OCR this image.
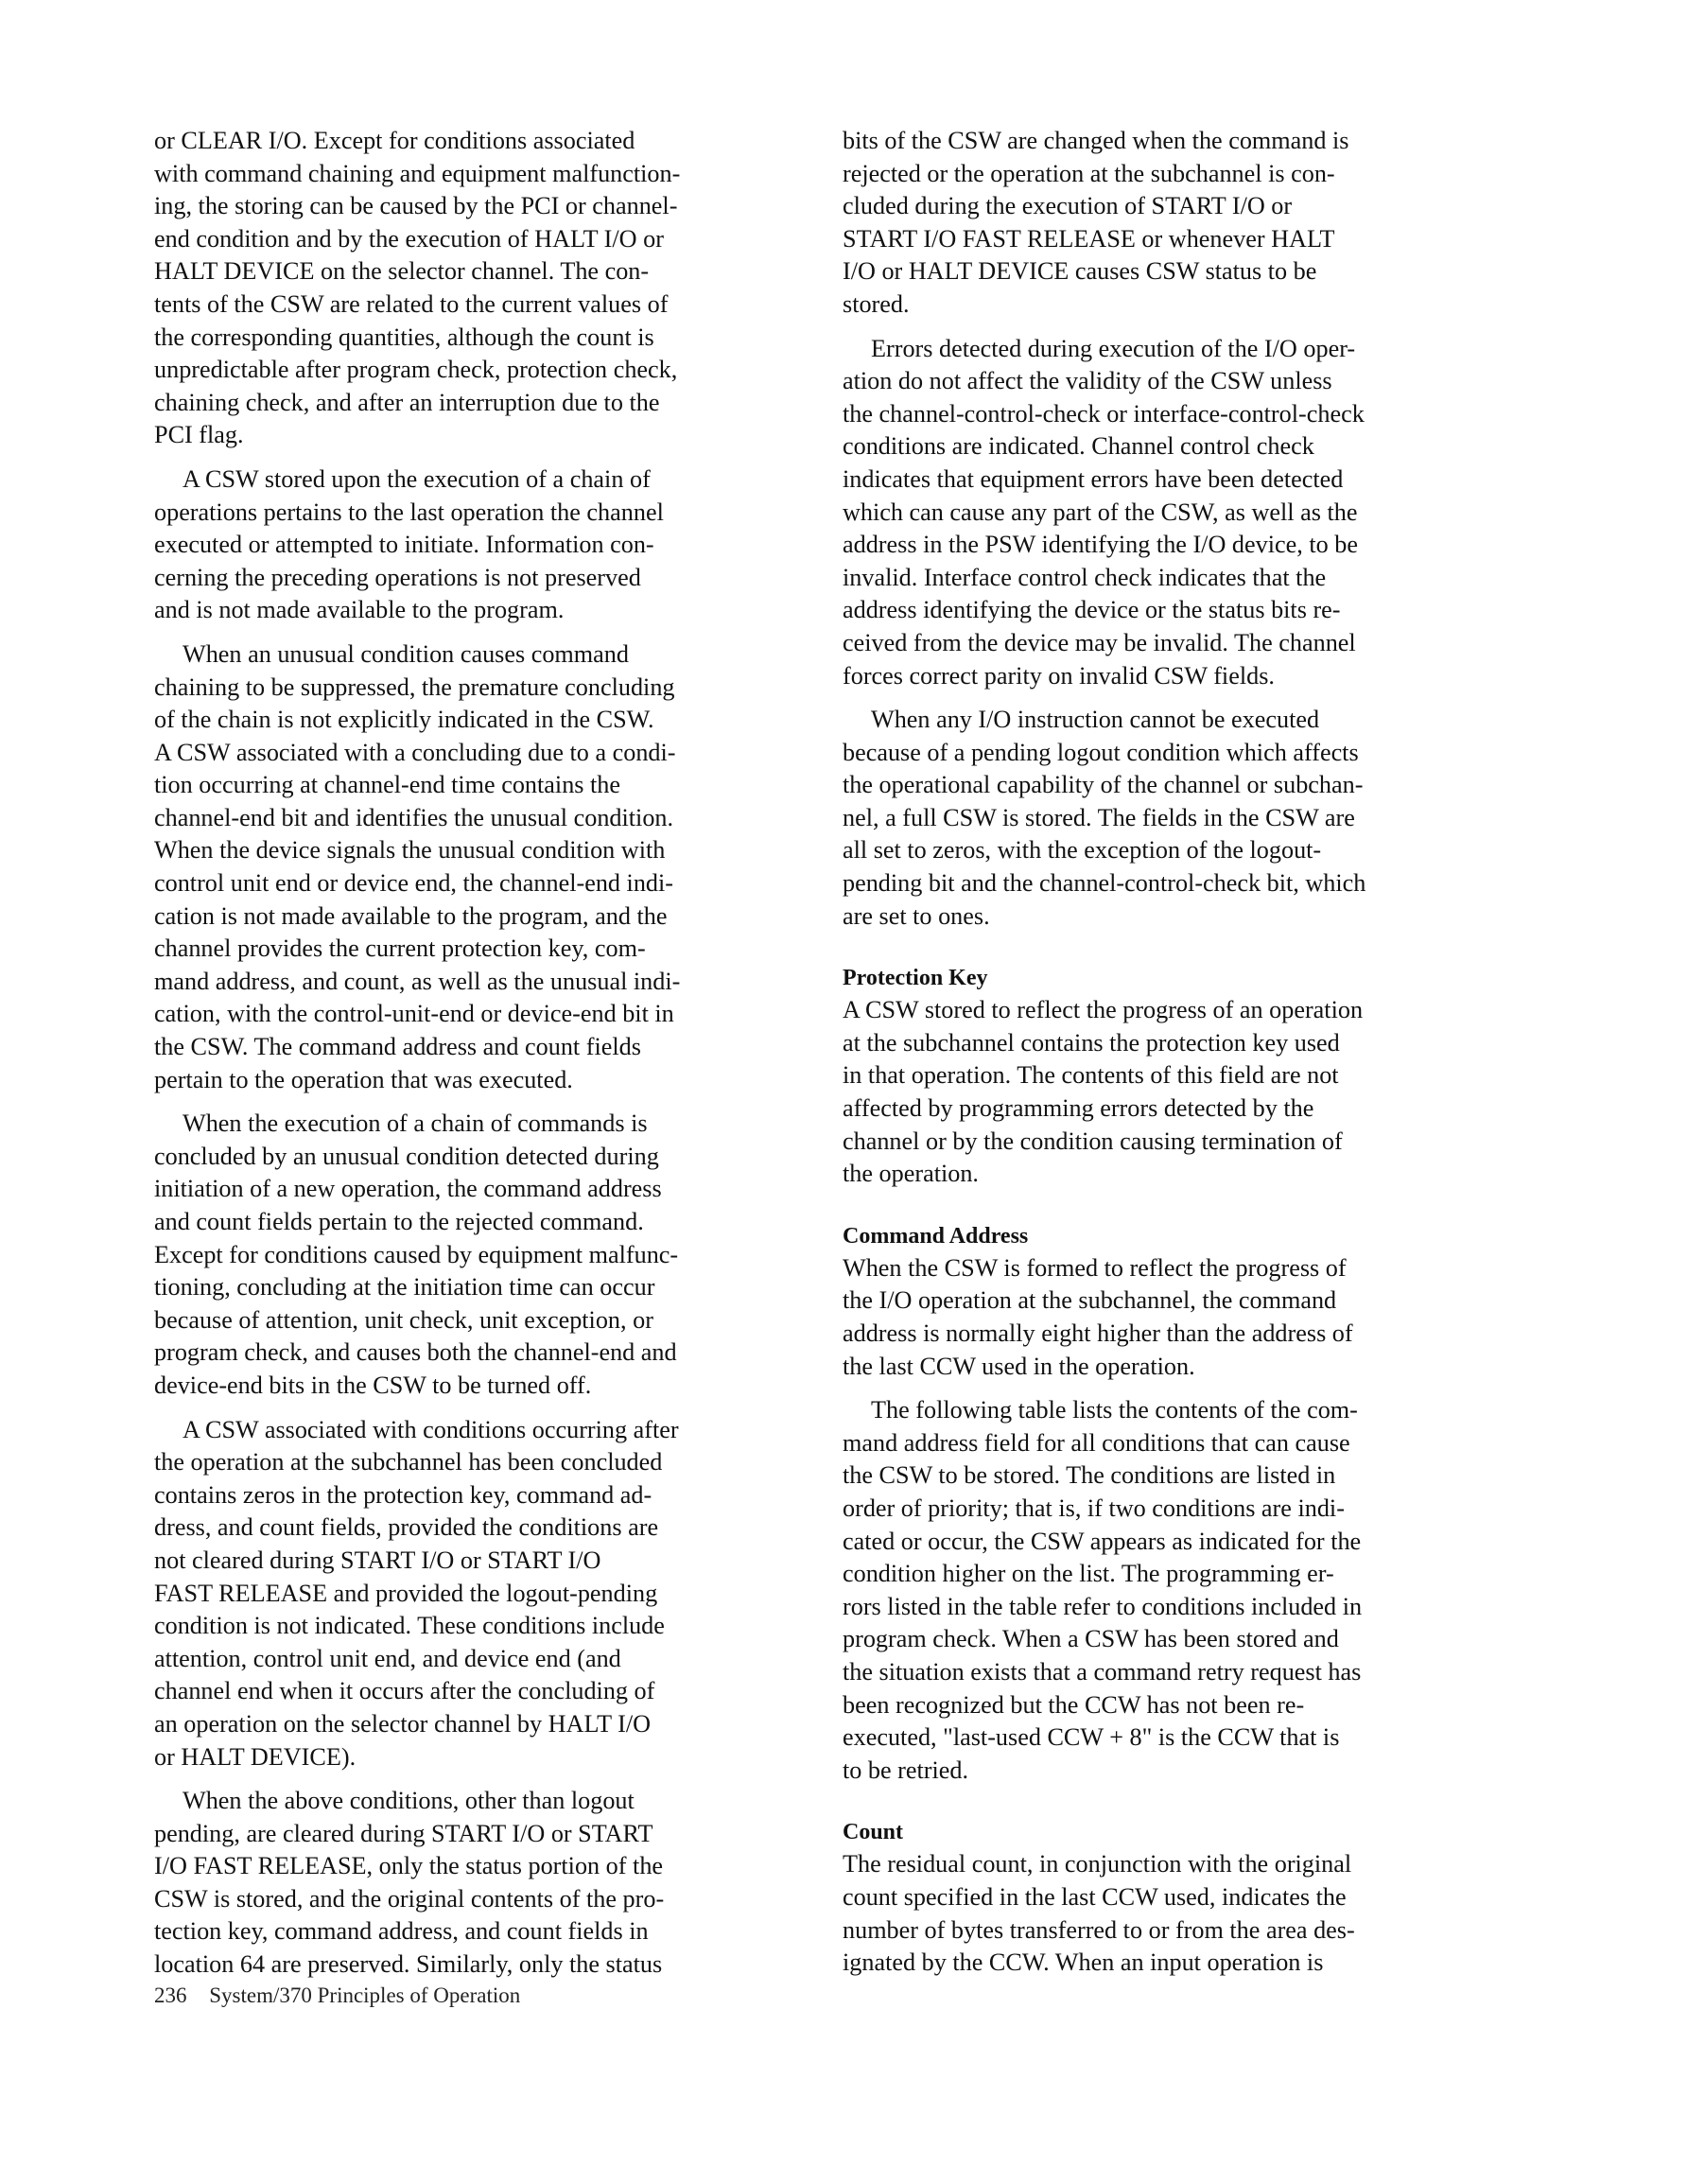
or CLEAR I/O. Except for conditions associated
with command chaining and equipment malfunction-
ing, the storing can be caused by the PCI or channel-
end condition and by the execution of HALT I/O or
HALT DEVICE on the selector channel. The con-
tents of the CSW are related to the current values of
the corresponding quantities, although the count is
unpredictable after program check, protection check,
chaining check, and after an interruption due to the
PCI flag.

A CSW stored upon the execution of a chain of
operations pertains to the last operation the channel
executed or attempted to initiate. Information con-
cerning the preceding operations is not preserved
and is not made available to the program.

When an unusual condition causes command
chaining to be suppressed, the premature concluding
of the chain is not explicitly indicated in the CSW.
A CSW associated with a concluding due to a condi-
tion occurring at channel-end time contains the
channel-end bit and identifies the unusual condition.
When the device signals the unusual condition with
control unit end or device end, the channel-end indi-
cation is not made available to the program, and the
channel provides the current protection key, com-
mand address, and count, as well as the unusual indi-
cation, with the control-unit-end or device-end bit in
the CSW. The command address and count fields
pertain to the operation that was executed.

When the execution of a chain of commands is
concluded by an unusual condition detected during
initiation of a new operation, the command address
and count fields pertain to the rejected command.
Except for conditions caused by equipment malfunc-
tioning, concluding at the initiation time can occur
because of attention, unit check, unit exception, or
program check, and causes both the channel-end and
device-end bits in the CSW to be turned off.

A CSW associated with conditions occurring after
the operation at the subchannel has been concluded
contains zeros in the protection key, command ad-
dress, and count fields, provided the conditions are
not cleared during START I/O or START I/O
FAST RELEASE and provided the logout-pending
condition is not indicated. These conditions include
attention, control unit end, and device end (and
channel end when it occurs after the concluding of
an operation on the selector channel by HALT I/O
or HALT DEVICE).

When the above conditions, other than logout
pending, are cleared during START I/O or START
I/O FAST RELEASE, only the status portion of the
CSW is stored, and the original contents of the pro-
tection key, command address, and count fields in
location 64 are preserved. Similarly, only the status

bits of the CSW are changed when the command is
rejected or the operation at the subchannel is con-
cluded during the execution of START I/O or
START I/O FAST RELEASE or whenever HALT
I/O or HALT DEVICE causes CSW status to be
stored.

Errors detected during execution of the I/O oper-
ation do not affect the validity of the CSW unless
the channel-control-check or interface-control-check
conditions are indicated. Channel control check
indicates that equipment errors have been detected
which can cause any part of the CSW, as well as the
address in the PSW identifying the I/O device, to be
invalid. Interface control check indicates that the
address identifying the device or the status bits re-
ceived from the device may be invalid. The channel
forces correct parity on invalid CSW fields.

When any I/O instruction cannot be executed
because of a pending logout condition which affects
the operational capability of the channel or subchan-
nel, a full CSW is stored. The fields in the CSW are
all set to zeros, with the exception of the logout-
pending bit and the channel-control-check bit, which
are set to ones.

Protection Key

A CSW stored to reflect the progress of an operation
at the subchannel contains the protection key used
in that operation. The contents of this field are not
affected by programming errors detected by the
channel or by the condition causing termination of
the operation.

Command Address

When the CSW is formed to reflect the progress of
the I/O operation at the subchannel, the command
address is normally eight higher than the address of
the last CCW used in the operation.

The following table lists the contents of the com-
mand address field for all conditions that can cause
the CSW to be stored. The conditions are listed in
order of priority; that is, if two conditions are indi-
cated or occur, the CSW appears as indicated for the
condition higher on the list. The programming er-
rors listed in the table refer to conditions included in
program check. When a CSW has been stored and
the situation exists that a command retry request has
been recognized but the CCW has not been re-
executed, "last-used CCW + 8" is the CCW that is
to be retried.

Count

The residual count, in conjunction with the original
count specified in the last CCW used, indicates the
number of bytes transferred to or from the area des-
ignated by the CCW. When an input operation is

236 System/370 Principles of Operation
